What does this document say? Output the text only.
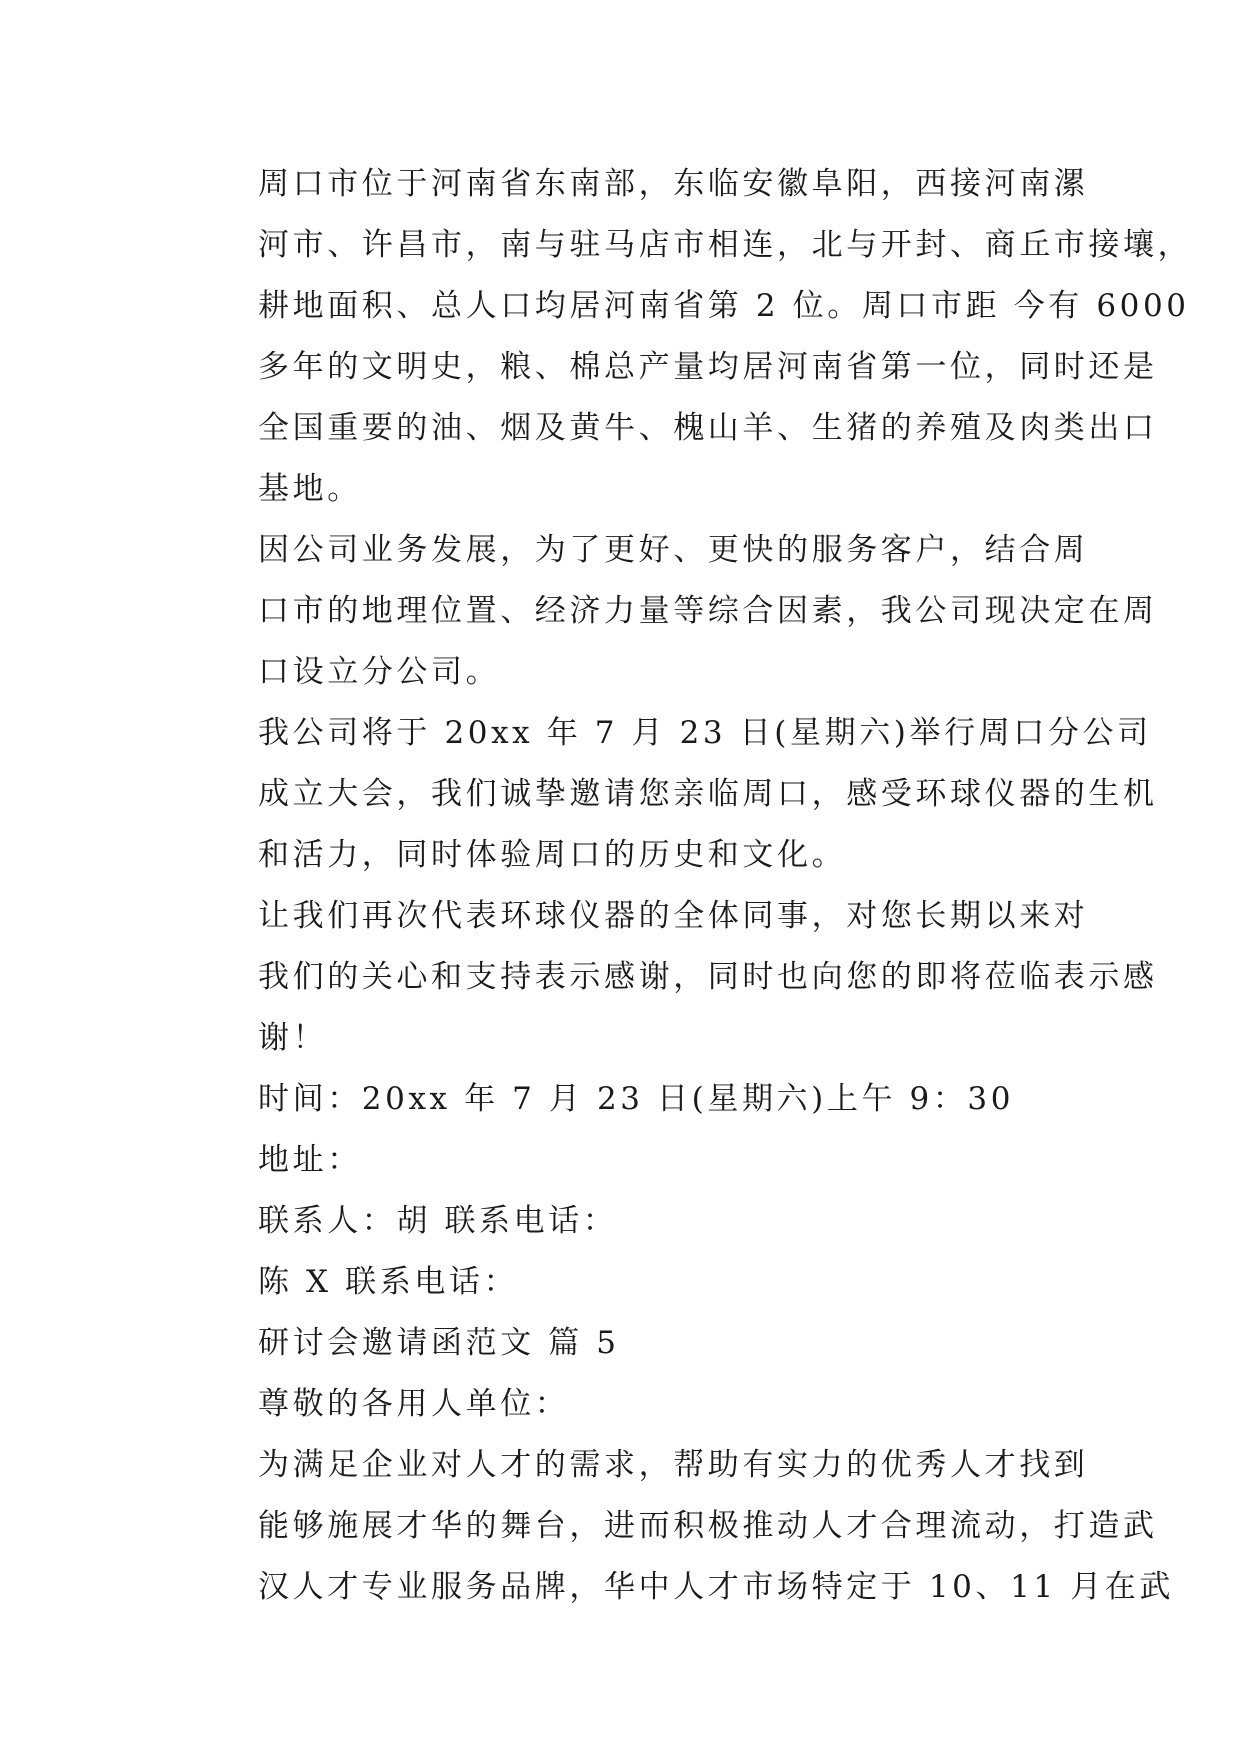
周口市位于河南省东南部，东临安徽阜阳，西接河南漯
河市、许昌市，南与驻马店市相连，北与开封、商丘市接壤，
耕地面积、总人口均居河南省第 2 位。周口市距 今有 6000
多年的文明史，粮、棉总产量均居河南省第一位，同时还是
全国重要的油、烟及黄牛、槐山羊、生猪的养殖及肉类出口
基地。

因公司业务发展，为了更好、更快的服务客户，结合周
口市的地理位置、经济力量等综合因素，我公司现决定在周
口设立分公司。

我公司将于 20xx 年 7 月 23 日(星期六)举行周口分公司
成立大会，我们诚挚邀请您亲临周口，感受环球仪器的生机
和活力，同时体验周口的历史和文化。

让我们再次代表环球仪器的全体同事，对您长期以来对
我们的关心和支持表示感谢，同时也向您的即将莅临表示感
谢！

时间：20xx 年 7 月 23 日(星期六)上午 9：30

地址：

联系人：胡 联系电话：

陈 X 联系电话：

研讨会邀请函范文 篇 5

尊敬的各用人单位：

为满足企业对人才的需求，帮助有实力的优秀人才找到
能够施展才华的舞台，进而积极推动人才合理流动，打造武
汉人才专业服务品牌，华中人才市场特定于 10、11 月在武
